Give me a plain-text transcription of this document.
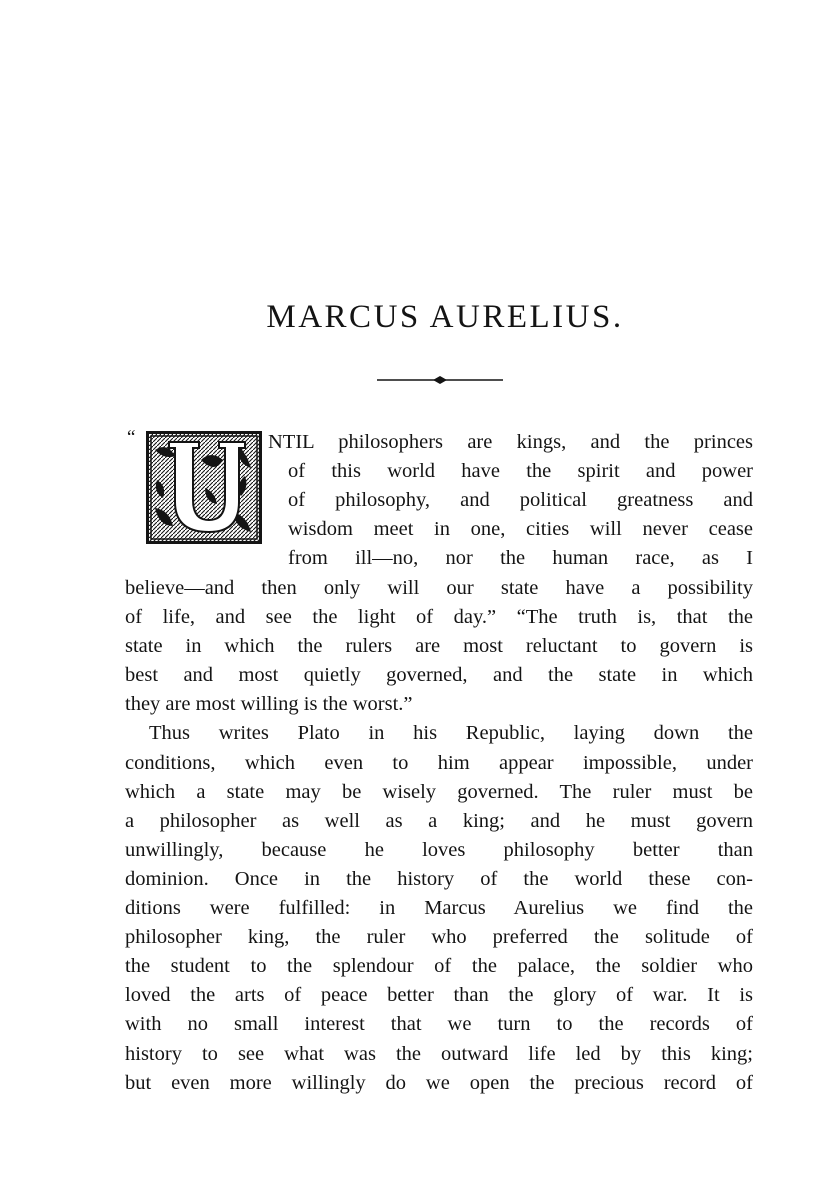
MARCUS AURELIUS.
“	NTIL philosophers are kings, and the princes
of this world have the spirit and power
of philosophy, and political greatness and
wisdom meet in one, cities will never cease
from ill—no, nor the human race, as I
believe—and then only will our state have a possibility
of life, and see the light of day.” “The truth is, that the
state in which the rulers are most reluctant to govern is
best and most quietly governed, and the state in which
they are most willing is the worst.”
Thus writes Plato in his Republic, laying down the
conditions, which even to him appear impossible, under
which a state may be wisely governed. The ruler must be
a philosopher as well as a king; and he must govern
unwillingly, because he loves philosophy better than
dominion. Once in the history of the world these con-
ditions were fulfilled: in Marcus Aurelius we find the
philosopher king, the ruler who preferred the solitude of
the student to the splendour of the palace, the soldier who
loved the arts of peace better than the glory of war. It is
with no small interest that we turn to the records of
history to see what was the outward life led by this king;
but even more willingly do we open the precious record of
